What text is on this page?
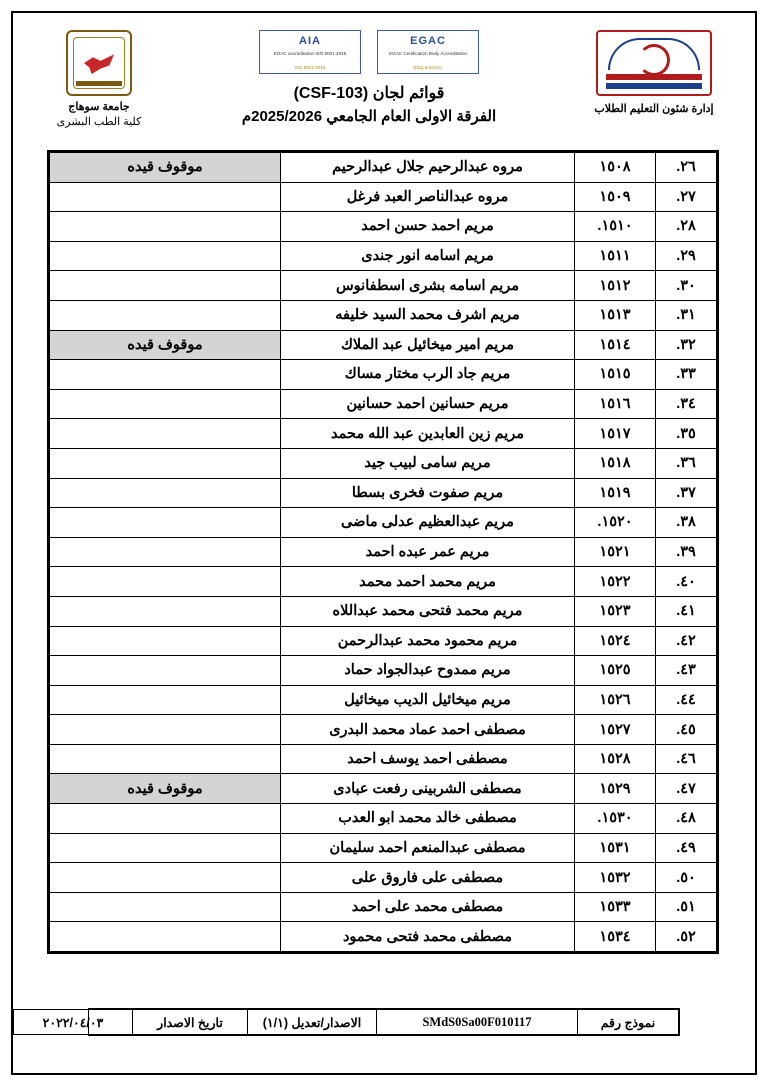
جامعة سوهاج
كلية الطب البشرى
EGAC
EGAC Certification Body Accreditation
ESQ & EGAC
AIA
EGAC accreditation ISO 9001:2015
ISO 9001:2015
قوائم لجان (CSF-103)
الفرقة الاولى العام الجامعي 2025/2026م	إدارة شئون التعليم الطلاب
٢٦.	١٥٠٨	مروه عبدالرحيم جلال عبدالرحيم	موقوف قيده
٢٧.	١٥٠٩	مروه عبدالناصر العبد فرغل	
٢٨.	١٥١٠.	مريم احمد حسن احمد	
٢٩.	١٥١١	مريم اسامه انور جندى	
٣٠.	١٥١٢	مريم اسامه بشرى اسطفانوس	
٣١.	١٥١٣	مريم اشرف محمد السيد خليفه	
٣٢.	١٥١٤	مريم امير ميخائيل عبد الملاك	موقوف قيده
٣٣.	١٥١٥	مريم جاد الرب مختار مساك	
٣٤.	١٥١٦	مريم حسانين احمد حسانين	
٣٥.	١٥١٧	مريم زين العابدين عبد الله محمد	
٣٦.	١٥١٨	مريم سامى لبيب جيد	
٣٧.	١٥١٩	مريم صفوت فخرى بسطا	
٣٨.	١٥٢٠.	مريم عبدالعظيم عدلى ماضى	
٣٩.	١٥٢١	مريم عمر عبده احمد	
٤٠.	١٥٢٢	مريم محمد احمد محمد	
٤١.	١٥٢٣	مريم محمد فتحى محمد عبداللاه	
٤٢.	١٥٢٤	مريم محمود محمد عبدالرحمن	
٤٣.	١٥٢٥	مريم ممدوح عبدالجواد حماد	
٤٤.	١٥٢٦	مريم ميخائيل الديب ميخائيل	
٤٥.	١٥٢٧	مصطفى احمد عماد محمد البدرى	
٤٦.	١٥٢٨	مصطفى احمد يوسف احمد	
٤٧.	١٥٢٩	مصطفى الشربينى رفعت عبادى	موقوف قيده
٤٨.	١٥٣٠.	مصطفى خالد محمد ابو العدب	
٤٩.	١٥٣١	مصطفى عبدالمنعم احمد سليمان	
٥٠.	١٥٣٢	مصطفى على فاروق على	
٥١.	١٥٣٣	مصطفى محمد على احمد	
٥٢.	١٥٣٤	مصطفى محمد فتحى محمود	
نموذج رقم	SMdS0Sa00F010117	الاصدار/تعديل (١/١)	تاريخ الاصدار	٢٠٢٢/٠٤/٠٣
